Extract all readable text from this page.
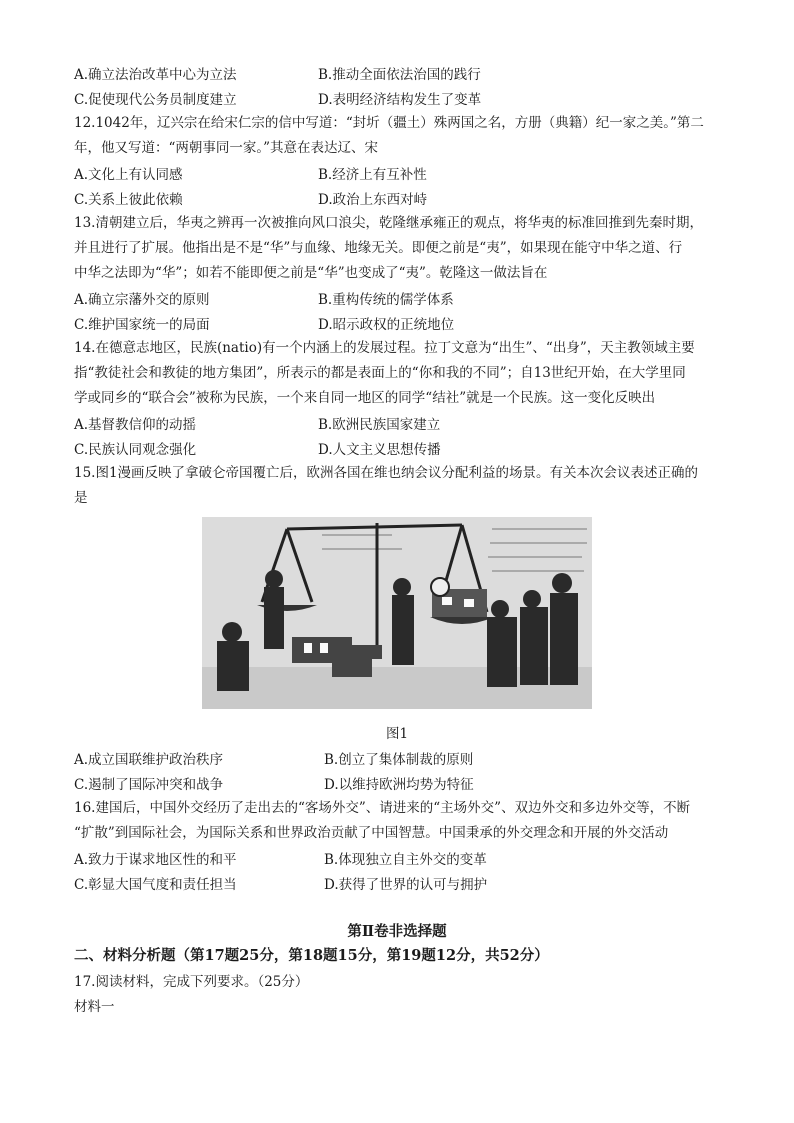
A.确立法治改革中心为立法	B.推动全面依法治国的践行
C.促使现代公务员制度建立	D.表明经济结构发生了变革
12.1042年，辽兴宗在给宋仁宗的信中写道：“封圻（疆土）殊两国之名，方册（典籍）纪一家之美。”第二
年，他又写道：“两朝事同一家。”其意在表达辽、宋
A.文化上有认同感	B.经济上有互补性
C.关系上彼此依赖	D.政治上东西对峙
13.清朝建立后，华夷之辨再一次被推向风口浪尖，乾隆继承雍正的观点，将华夷的标准回推到先秦时期，
并且进行了扩展。他指出是不是“华”与血缘、地缘无关。即便之前是“夷”，如果现在能守中华之道、行
中华之法即为“华”；如若不能即便之前是“华”也变成了“夷”。乾隆这一做法旨在
A.确立宗藩外交的原则	B.重构传统的儒学体系
C.维护国家统一的局面	D.昭示政权的正统地位
14.在德意志地区，民族(natio)有一个内涵上的发展过程。拉丁文意为“出生”、“出身”，天主教领域主要
指“教徒社会和教徒的地方集团”，所表示的都是表面上的“你和我的不同”；自13世纪开始，在大学里同
学或同乡的“联合会”被称为民族，一个来自同一地区的同学“结社”就是一个民族。这一变化反映出
A.基督教信仰的动摇	B.欧洲民族国家建立
C.民族认同观念强化	D.人文主义思想传播
15.图1漫画反映了拿破仑帝国覆亡后，欧洲各国在维也纳会议分配利益的场景。有关本次会议表述正确的
是
图1
A.成立国联维护政治秩序	B.创立了集体制裁的原则
C.遏制了国际冲突和战争	D.以维持欧洲均势为特征
16.建国后，中国外交经历了走出去的“客场外交”、请进来的“主场外交”、双边外交和多边外交等，不断
“扩散”到国际社会，为国际关系和世界政治贡献了中国智慧。中国秉承的外交理念和开展的外交活动
A.致力于谋求地区性的和平	B.体现独立自主外交的变革
C.彰显大国气度和责任担当	D.获得了世界的认可与拥护
第Ⅱ卷非选择题
二、材料分析题（第17题25分，第18题15分，第19题12分，共52分）
17.阅读材料，完成下列要求。（25分）
材料一
